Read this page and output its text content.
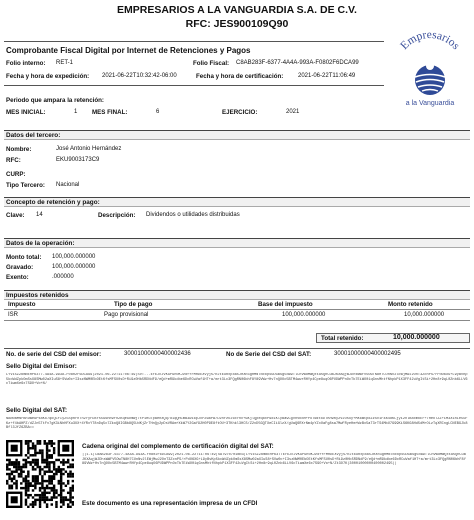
EMPRESARIOS A LA VANGUARDIA S.A. DE C.V.
RFC: JES900109Q90
Empresarios
a la Vanguardia
Comprobante Fiscal Digital por Internet de Retenciones y Pagos
Folio interno: RET-1	Folio Fiscal: C8AB283F-6377-4A4A-993A-F0802F6DCA99
Fecha y hora de expedición: 2021-06-22T10:32:42-06:00	Fecha y hora de certificación: 2021-06-22T11:06:49
Periodo que ampara la retención:
MES INICIAL:	1 MES FINAL:	6	EJERCICIO:	2021
Datos del tercero:
Nombre:	José Antonio Hernández
RFC:	EKU9003173C9
CURP:
Tipo Tercero: Nacional
Concepto de retención y pago:
Clave: 14	Descripción: Dividendos o utilidades distribuidas
Datos de la operación:
Monto total: 100,000.000000
Gravado:	100,000.000000
Exento:	.000000
Impuestos retenidos
Impuesto	Tipo de pago	Base del impuesto	Monto retenido
ISR	Pago provisional	100,000.000000	10,000.000000
Total retenido:	10,000.000000
No. de serie del CSD del emisor:	30001000000400002436	No de Serie del CSD del SAT:	30001000000400002495
Sello Digital del Emisor:
LYVi5ZZbmNEHP6377-4A4A-993A-F0802F6DCA99|2021-06-22T11:06:49|SVT...kYkJcJvKGPGh0KJzdffFMHDEXvyjs/RJtkuRxp4B5JHXR3gHMN7NcopSGUGBSg5SW9TlCnvWdMWQxtAsQRCuBJKXAqjWJDhsWWFV5OwTN8H7CUnNv2lEWjMwJ2OnT3ZcnPS/rPdO6XG+L9yBvKp5kcWdZpkOmSsX8SMw02aXIuS8+SVw0c+I3szNWM0EbOEtKfsMFSU0sD+Ri9z0Hb5RDNdF9/eQd+mR9kdbe6DcRCwVaf1HT+a/mrt3Lc3FQgRN06bhF8Y89VWz+Hv7nQOOc5BTM4wwrRHYp4Cpe8uqO6PUDWPPnOcTb7EiWO01qGnsMhtfNhpkP1X3FF42uVgItSi+2Hn8r9qL0Znb6LLV6cTiwmXe6x7S9O+Vo+N/
Sello Digital del SAT:
NAN0aMNrBnuWe9Ps8Kk7qkQCfIyZ5SpRrnTh2YyFD8Ys5G6hR9fnZKqeGOmWj7tPiHuTpaenzQq/d1qQHCmB3w16pJcPZw6Pw/D2nFzOJ6cYhc+wXjlQpeq8xP9d1KlyBa9CgVnVbbH+Pk7WztkDTKH9Ry2V2UsXy+MX6WtpdZzSv1Fza4dKLjyi2hlB8cmoEr+7HeOTZZ+iM3X1RIe5uFKz+f4bAHPZ/dZJn5TtFv7gK3iNhHFXu3UX+4YRxYT8nDq5c7ZkoQ8IGBb8Q5UdKjZrTHnQy2pDsVRAm+XkW7Y2GaY92H0P9E8ftOU+3TKhkl3HCS/Z2vD5GQTXeCIiGlzX/gUaQ6RXrNm4pYZxOaFg8sa7MwFRyeHm+WzBx5aT3rTS4MbU7G99KiS6KG8Hd5dMrOLzTqXRCngLCNEBGJk8Bfl3JfZ6ZBA==
Cadena original del complemento de certificación digital del SAT:
||1.1|C8AB283F-6377-4A4A-993A-F0802F6DCA99|2021-06-22T11:06:49|SAT970701NN3|LYVi5ZZbmNEHP6377kYkJcJvKGPGh0KJzdffFMHDEXvyjs/RJtkuRxp4B5JHXR3gHMN7NcopSGUGBSg5SW9TlCnvWdMWQxtAsQRCuBJKXAqjWJDhsWWFV5OwTN8H7CUnNv2lEWjMwJ2OnT3ZcnPS/rPdO6XG+L9yBvKp5kcWdZpkOmSsX8SMw02aXIuS8+SVw0c+I3szNWM0EbOEtKfsMFSU0sD+Ri9z0Hb5RDNdF9/eQd+mR9kdbe6DcRCwVaf1HT+a/mrt3Lc3FQgRN06bhF8Y89VWz+Hv7nQOOc5BTM4wwrRHYp4Cpe8uqO6PUDWPPnOcTb7EiWO01qGnsMhtfNhpkP1X3FF42uVgItSi+2Hn8r9qL0Znb6LLV6cTiwmXe6x7S9O+Vo+N/Zt3O7K|30001000000400002495||
Este documento es una representación impresa de un CFDI
